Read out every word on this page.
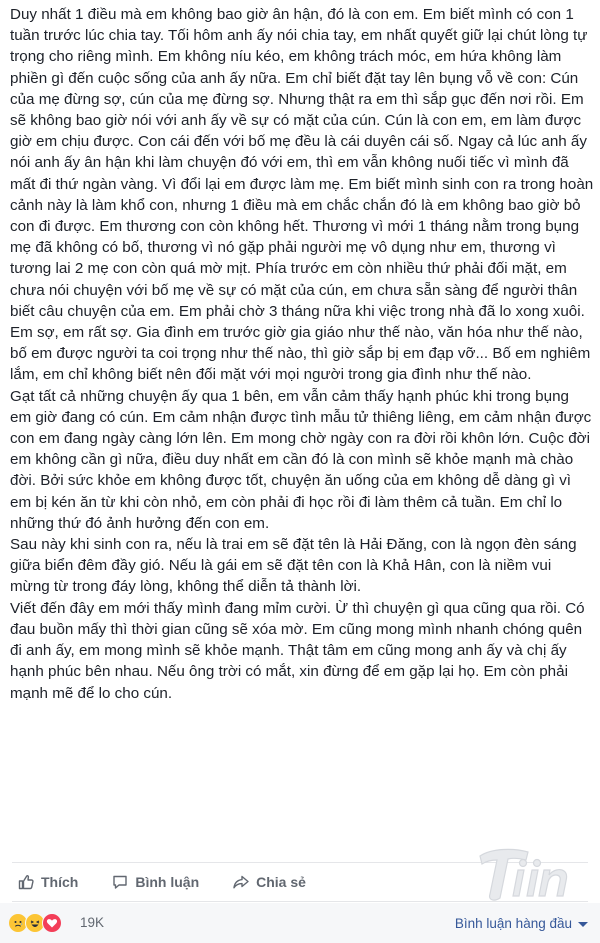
Duy nhất 1 điều mà em không bao giờ ân hận, đó là con em. Em biết mình có con 1 tuần trước lúc chia tay. Tối hôm anh ấy nói chia tay, em nhất quyết giữ lại chút lòng tự trọng cho riêng mình. Em không níu kéo, em không trách móc, em hứa không làm phiền gì đến cuộc sống của anh ấy nữa. Em chỉ biết đặt tay lên bụng vỗ về con: Cún của mẹ đừng sợ, cún của mẹ đừng sợ. Nhưng thật ra em thì sắp gục đến nơi rồi. Em sẽ không bao giờ nói với anh ấy về sự có mặt của cún. Cún là con em, em làm được giờ em chịu được. Con cái đến với bố mẹ đều là cái duyên cái số. Ngay cả lúc anh ấy nói anh ấy ân hận khi làm chuyện đó với em, thì em vẫn không nuối tiếc vì mình đã mất đi thứ ngàn vàng. Vì đổi lại em được làm mẹ. Em biết mình sinh con ra trong hoàn cảnh này là làm khổ con, nhưng 1 điều mà em chắc chắn đó là em không bao giờ bỏ con đi được. Em thương con còn không hết. Thương vì mới 1 tháng nằm trong bụng mẹ đã không có bố, thương vì nó gặp phải người mẹ vô dụng như em, thương vì tương lai 2 mẹ con còn quá mờ mịt. Phía trước em còn nhiều thứ phải đối mặt, em chưa nói chuyện với bố mẹ về sự có mặt của cún, em chưa sẵn sàng để người thân biết câu chuyện của em. Em phải chờ 3 tháng nữa khi việc trong nhà đã lo xong xuôi. Em sợ, em rất sợ. Gia đình em trước giờ gia giáo như thế nào, văn hóa như thế nào, bố em được người ta coi trọng như thế nào, thì giờ sắp bị em đạp vỡ... Bố em nghiêm lắm, em chỉ không biết nên đối mặt với mọi người trong gia đình như thế nào.

Gạt tất cả những chuyện ấy qua 1 bên, em vẫn cảm thấy hạnh phúc khi trong bụng em giờ đang có cún. Em cảm nhận được tình mẫu tử thiêng liêng, em cảm nhận được con em đang ngày càng lớn lên. Em mong chờ ngày con ra đời rồi khôn lớn. Cuộc đời em không cần gì nữa, điều duy nhất em cần đó là con mình sẽ khỏe mạnh mà chào đời. Bởi sức khỏe em không được tốt, chuyện ăn uống của em không dễ dàng gì vì em bị kén ăn từ khi còn nhỏ, em còn phải đi học rồi đi làm thêm cả tuần. Em chỉ lo những thứ đó ảnh hưởng đến con em.

Sau này khi sinh con ra, nếu là trai em sẽ đặt tên là Hải Đăng, con là ngọn đèn sáng giữa biển đêm đầy gió. Nếu là gái em sẽ đặt tên con là Khả Hân, con là niềm vui mừng từ trong đáy lòng, không thể diễn tả thành lời.

Viết đến đây em mới thấy mình đang mỉm cười. Ừ thì chuyện gì qua cũng qua rồi. Có đau buồn mấy thì thời gian cũng sẽ xóa mờ. Em cũng mong mình nhanh chóng quên đi anh ấy, em mong mình sẽ khỏe mạnh. Thật tâm em cũng mong anh ấy và chị ấy hạnh phúc bên nhau. Nếu ông trời có mắt, xin đừng để em gặp lại họ. Em còn phải mạnh mẽ để lo cho cún.

Thích	Bình luận	Chia sẻ
19K	Bình luận hàng đầu
